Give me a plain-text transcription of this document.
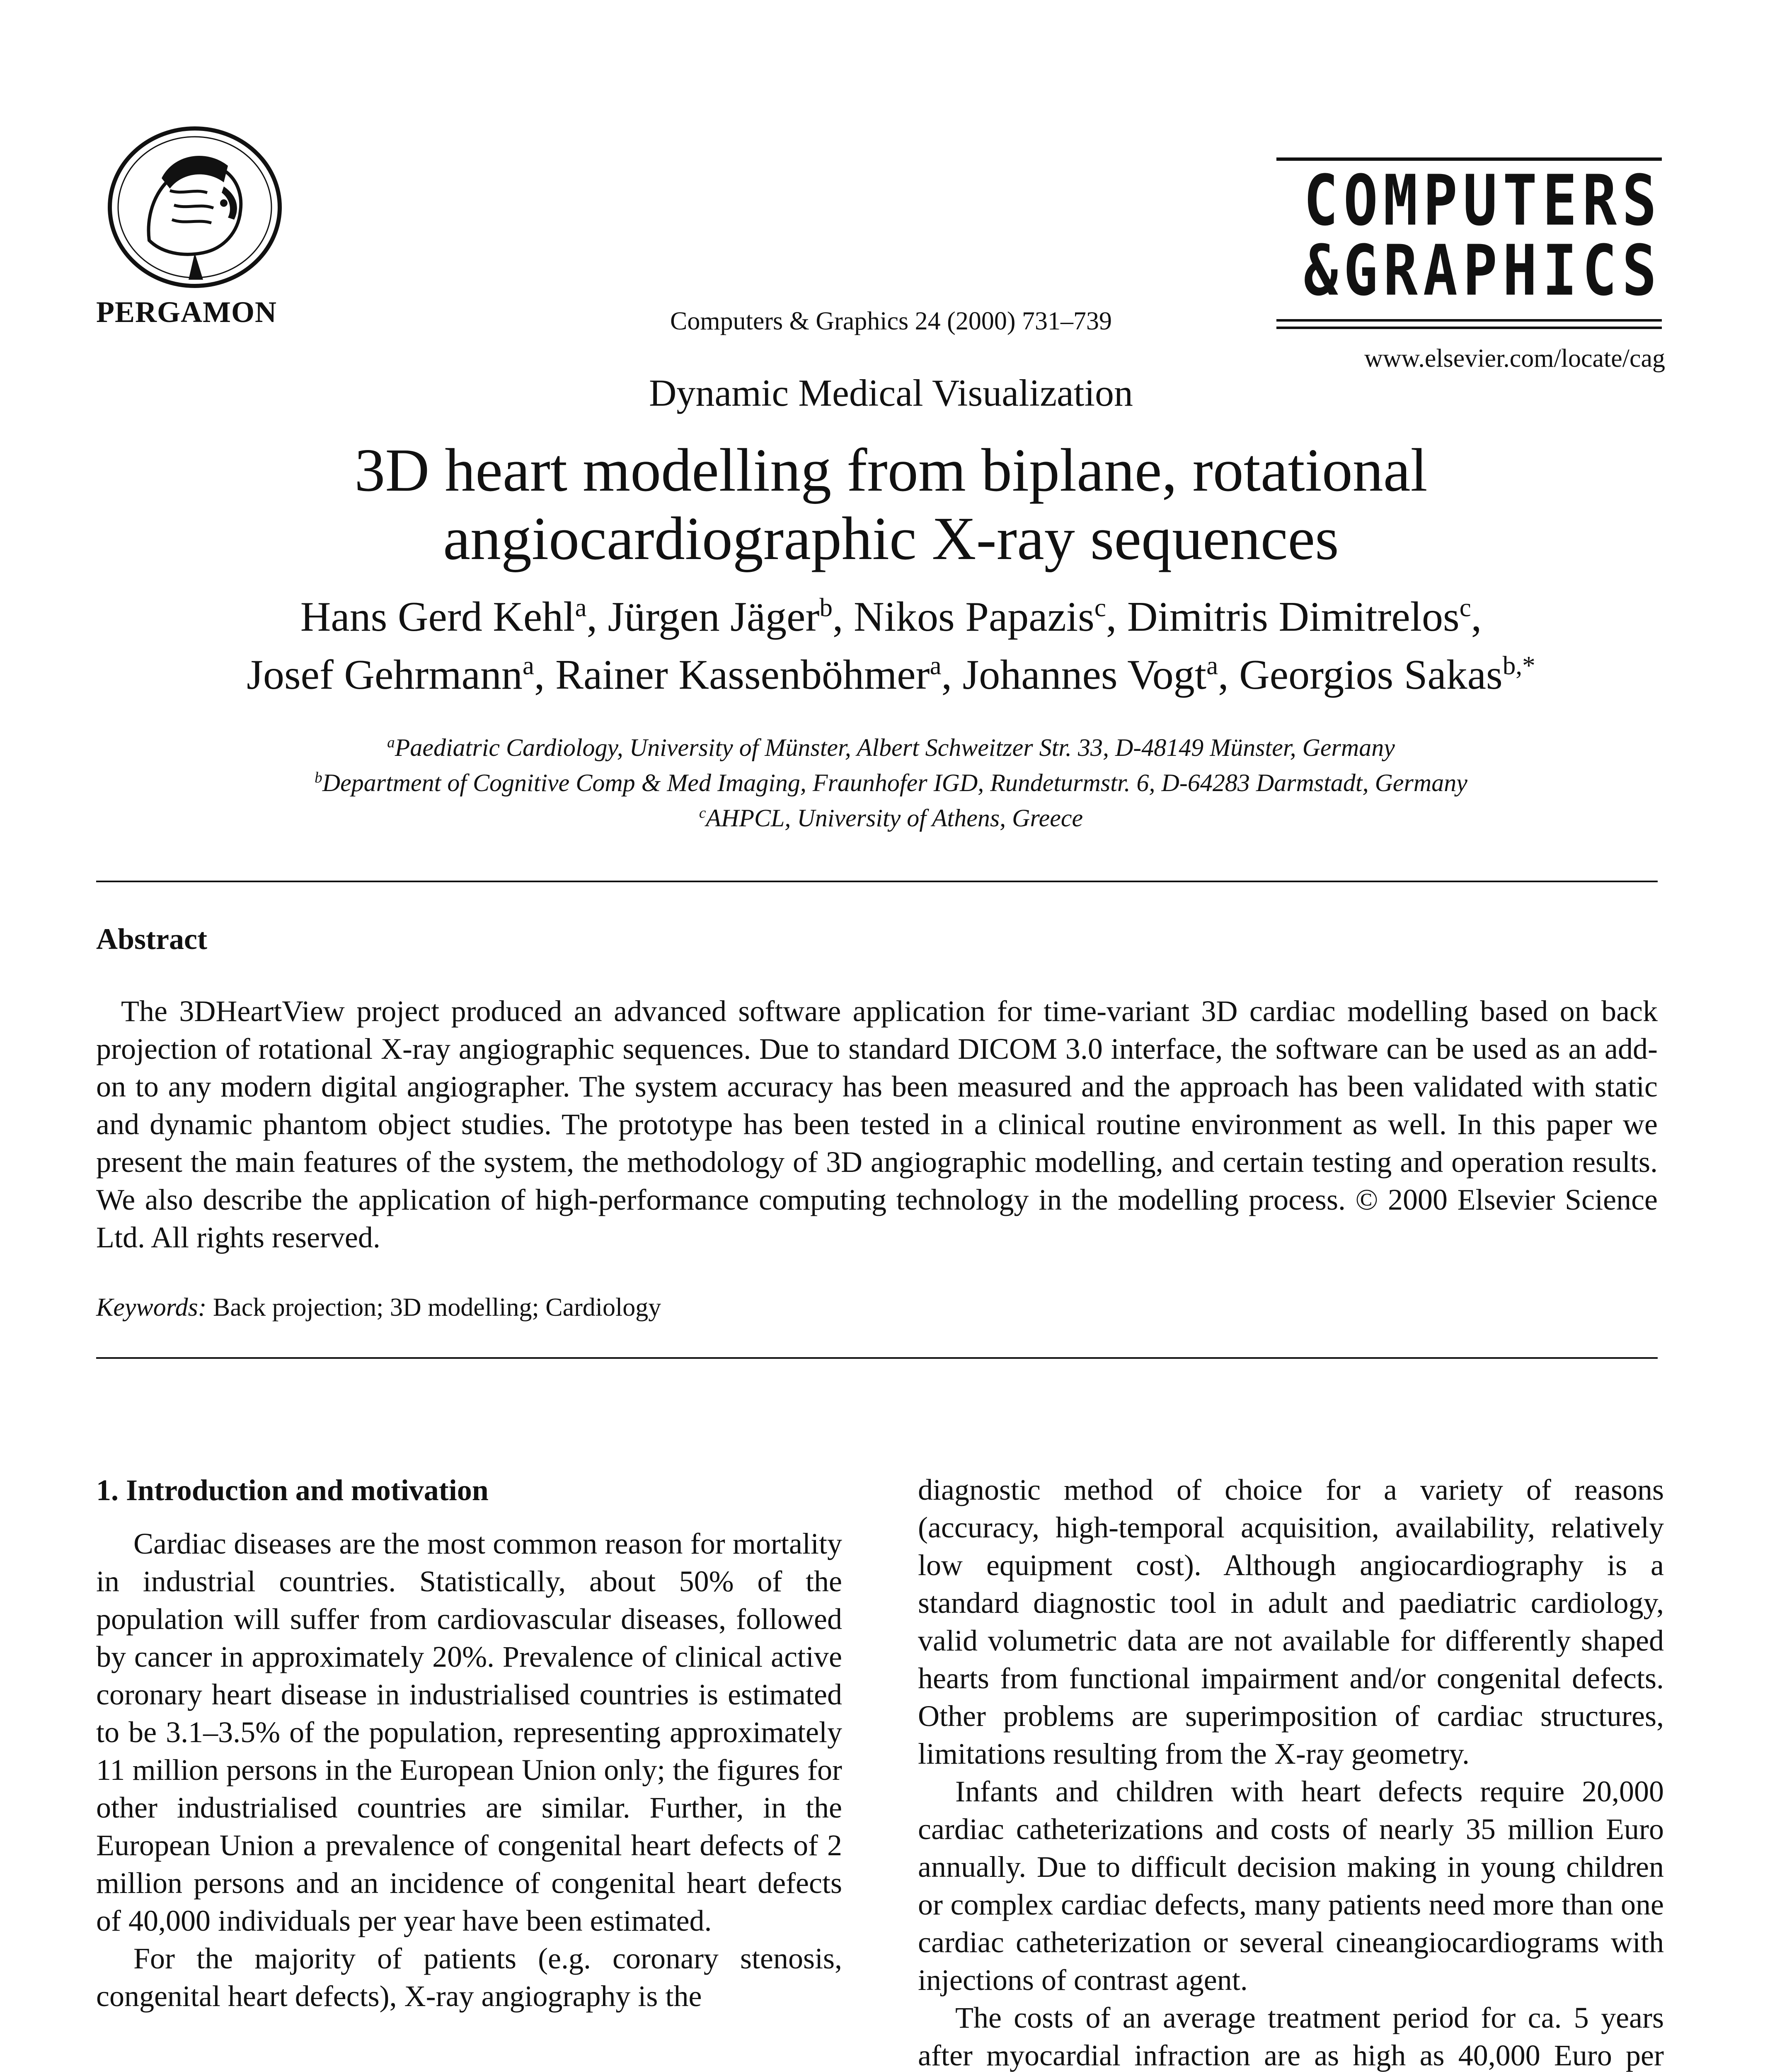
PERGAMON	Computers & Graphics 24 (2000) 731–739
COMPUTERS
&GRAPHICS
www.elsevier.com/locate/cag
Dynamic Medical Visualization
3D heart modelling from biplane, rotational
angiocardiographic X-ray sequences
Hans Gerd Kehl$^a$, Jürgen Jäger$^b$, Nikos Papazis$^c$, Dimitris Dimitrelos$^c$,
Josef Gehrmann$^a$, Rainer Kassenböhmer$^a$, Johannes Vogt$^a$, Georgios Sakas$^{b,*}$
$^a$Paediatric Cardiology, University of Münster, Albert Schweitzer Str. 33, D-48149 Münster, Germany
$^b$Department of Cognitive Comp & Med Imaging, Fraunhofer IGD, Rundeturmstr. 6, D-64283 Darmstadt, Germany
$^c$AHPCL, University of Athens, Greece
Abstract
The 3DHeartView project produced an advanced software application for time-variant 3D cardiac modelling based on back projection of rotational X-ray angiographic sequences. Due to standard DICOM 3.0 interface, the software can be used as an add-on to any modern digital angiographer. The system accuracy has been measured and the approach has been validated with static and dynamic phantom object studies. The prototype has been tested in a clinical routine environment as well. In this paper we present the main features of the system, the methodology of 3D angiographic modelling, and certain testing and operation results. We also describe the application of high-performance computing technology in the modelling process. © 2000 Elsevier Science Ltd. All rights reserved.
Keywords: Back projection; 3D modelling; Cardiology
1. Introduction and motivation

Cardiac diseases are the most common reason for mortality in industrial countries. Statistically, about 50% of the population will suffer from cardiovascular diseases, followed by cancer in approximately 20%. Prevalence of clinical active coronary heart disease in industrialised countries is estimated to be 3.1–3.5% of the population, representing approximately 11 million persons in the European Union only; the figures for other industrialised countries are similar. Further, in the European Union a prevalence of congenital heart defects of 2 million persons and an incidence of congenital heart defects of 40,000 individuals per year have been estimated.

For the majority of patients (e.g. coronary stenosis, congenital heart defects), X-ray angiography is the

diagnostic method of choice for a variety of reasons (accuracy, high-temporal acquisition, availability, relatively low equipment cost). Although angiocardiography is a standard diagnostic tool in adult and paediatric cardiology, valid volumetric data are not available for differently shaped hearts from functional impairment and/or congenital defects. Other problems are superimposition of cardiac structures, limitations resulting from the X-ray geometry.

Infants and children with heart defects require 20,000 cardiac catheterizations and costs of nearly 35 million Euro annually. Due to difficult decision making in young children or complex cardiac defects, many patients need more than one cardiac catheterization or several cineangiocardiograms with injections of contrast agent.

The costs of an average treatment period for ca. 5 years after myocardial infraction are as high as 40,000 Euro per
